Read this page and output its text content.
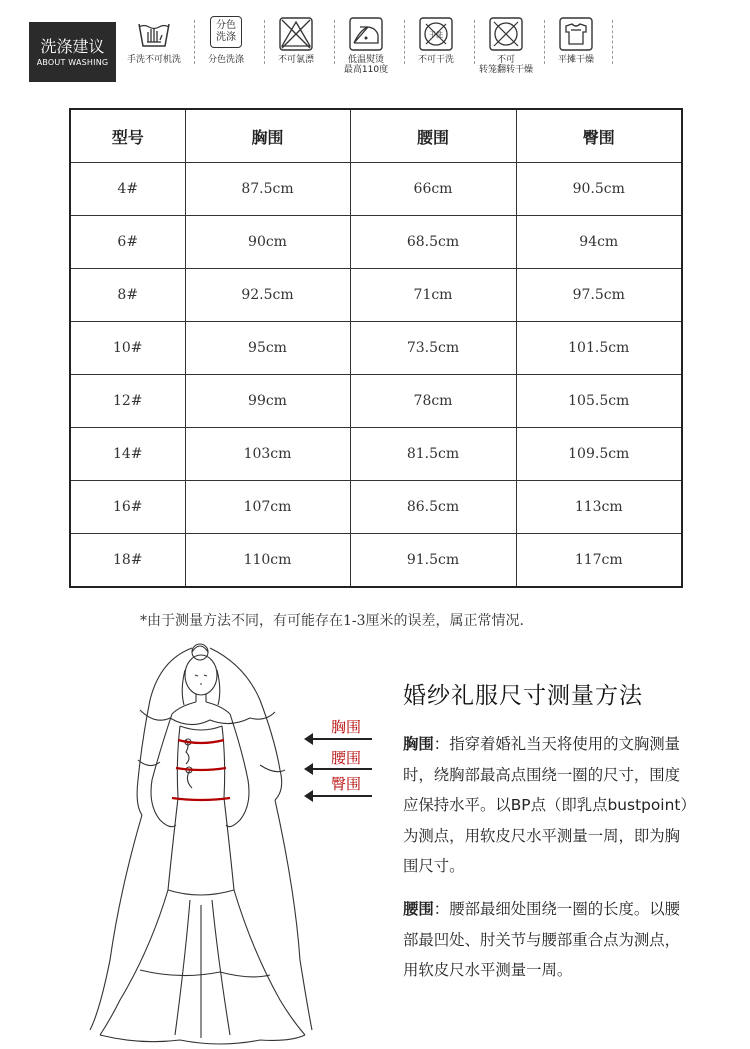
洗涤建议
ABOUT WASHING	手洗不可机洗
分色
洗涤
分色洗涤	不可氯漂	低温熨烫
最高110度
干洗
不可干洗	不可
转笼翻转干燥
平摊干燥
型号	胸围	腰围	臀围
4#	87.5cm	66cm	90.5cm
6#	90cm	68.5cm	94cm
8#	92.5cm	71cm	97.5cm
10#	95cm	73.5cm	101.5cm
12#	99cm	78cm	105.5cm
14#	103cm	81.5cm	109.5cm
16#	107cm	86.5cm	113cm
18#	110cm	91.5cm	117cm
*由于测量方法不同，有可能存在1-3厘米的误差，属正常情况.
胸围
腰围
臀围
婚纱礼服尺寸测量方法
胸围：指穿着婚礼当天将使用的文胸测量时，绕胸部最高点围绕一圈的尺寸，围度应保持水平。以BP点（即乳点bustpoint）为测点，用软皮尺水平测量一周，即为胸围尺寸。
腰围：腰部最细处围绕一圈的长度。以腰部最凹处、肘关节与腰部重合点为测点，用软皮尺水平测量一周。
